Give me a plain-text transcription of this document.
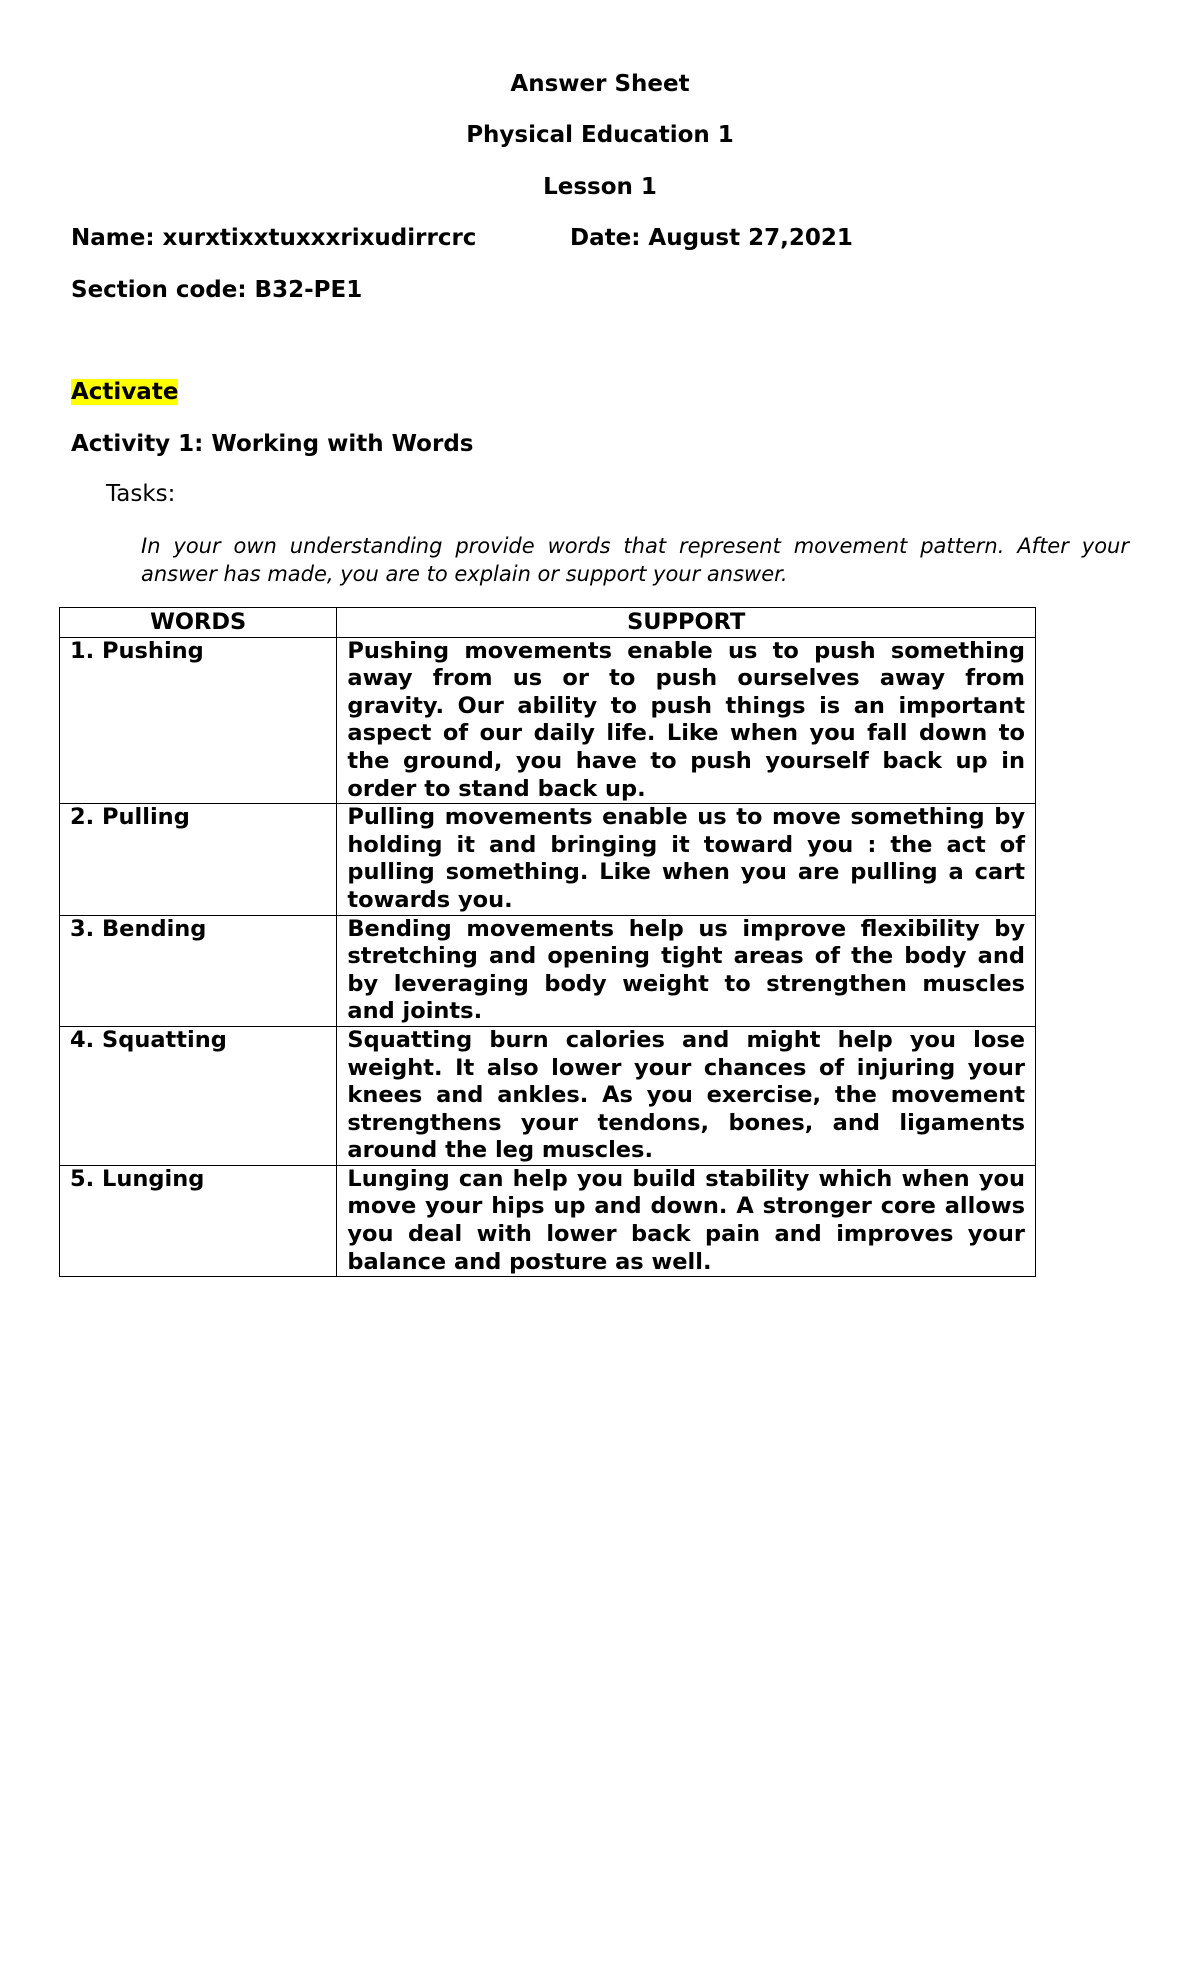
Answer Sheet
Physical Education 1
Lesson 1
Name: xurxtixxtuxxxrixudirrcrc	Date: August 27,2021
Section code: B32-PE1
Activate
Activity 1: Working with Words
Tasks:
In your own understanding provide words that represent movement pattern. After your answer has made, you are to explain or support your answer.
WORDS	SUPPORT
1. Pushing	Pushing movements enable us to push something away from us or to push ourselves away from gravity. Our ability to push things is an important aspect of our daily life. Like when you fall down to the ground, you have to push yourself back up in order to stand back up.
2. Pulling	Pulling movements enable us to move something by holding it and bringing it toward you : the act of pulling something. Like when you are pulling a cart towards you.
3. Bending	Bending movements help us improve flexibility by stretching and opening tight areas of the body and by leveraging body weight to strengthen muscles and joints.
4. Squatting	Squatting burn calories and might help you lose weight. It also lower your chances of injuring your knees and ankles. As you exercise, the movement strengthens your tendons, bones, and ligaments around the leg muscles.
5. Lunging	Lunging can help you build stability which when you move your hips up and down. A stronger core allows you deal with lower back pain and improves your balance and posture as well.
